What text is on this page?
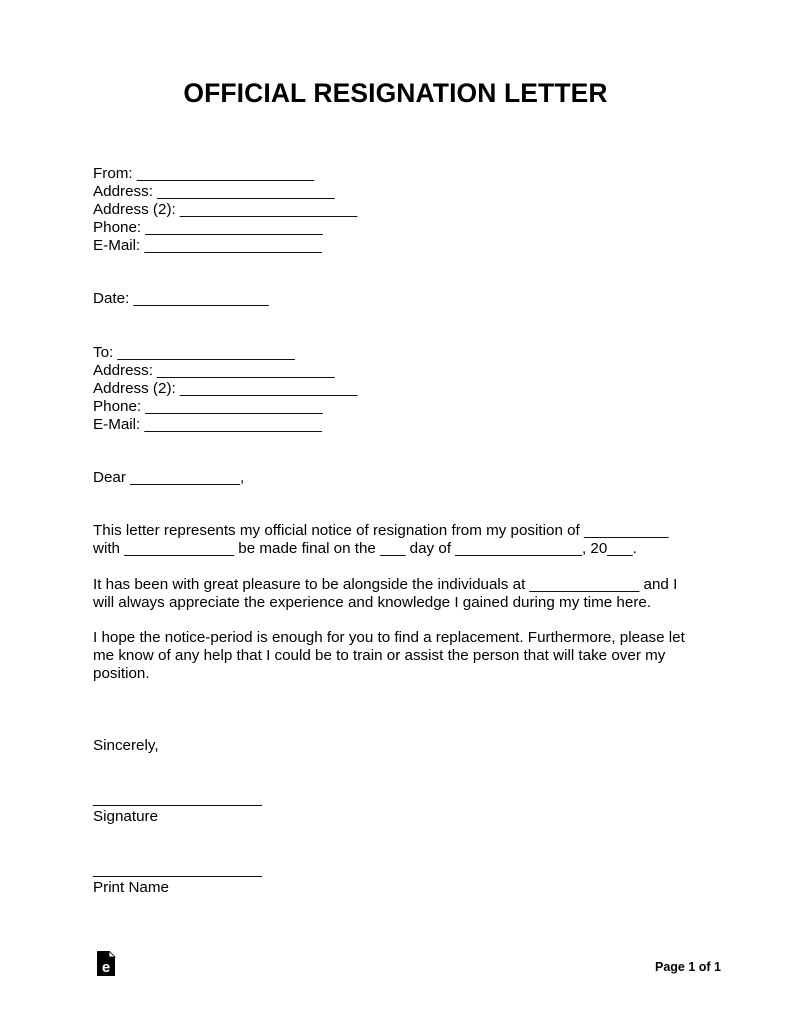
OFFICIAL RESIGNATION LETTER
From: _____________________
Address: _____________________
Address (2): _____________________
Phone: _____________________
E-Mail: _____________________
Date: ________________
To: _____________________
Address: _____________________
Address (2): _____________________
Phone: _____________________
E-Mail: _____________________
Dear _____________,
This letter represents my official notice of resignation from my position of __________
with _____________ be made final on the ___ day of _______________, 20___.
It has been with great pleasure to be alongside the individuals at _____________ and I
will always appreciate the experience and knowledge I gained during my time here.
I hope the notice-period is enough for you to find a replacement. Furthermore, please let
me know of any help that I could be to train or assist the person that will take over my
position.
Sincerely,
____________________
Signature
____________________
Print Name
e	Page 1 of 1
